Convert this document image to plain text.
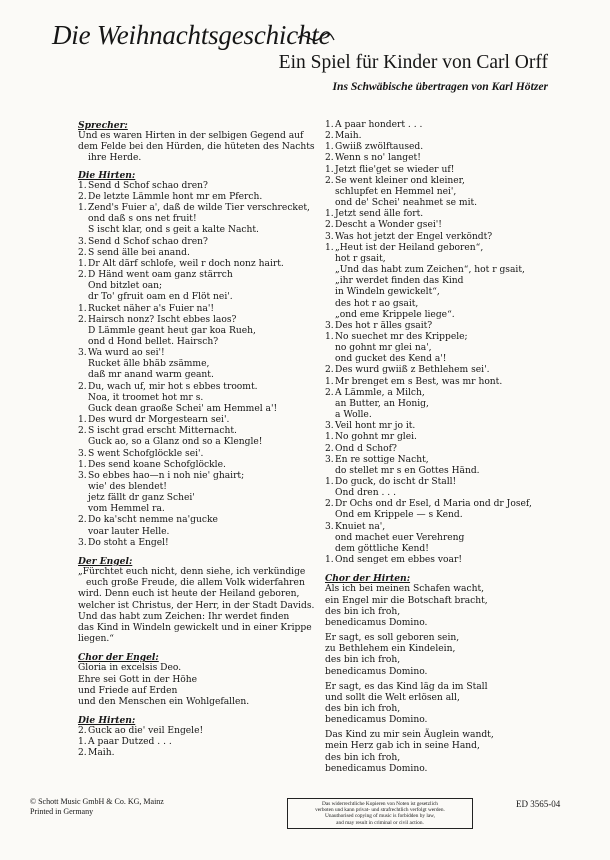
Die Weihnachtsgeschichte
Ein Spiel für Kinder von Carl Orff
Ins Schwäbische übertragen von Karl Hötzer
Sprecher:
Und es waren Hirten in der selbigen Gegend auf
dem Felde bei den Hürden, die hüteten des Nachts
ihre Herde.
Die Hirten:
1. Send d Schof schao dren?
2. De letzte Lämmle hont mr em Pferch.
1. Zend's Fuier a', daß de wilde Tier verschrecket,
ond daß s ons net fruit!
S ischt klar, ond s geit a kalte Nacht.
3. Send d Schof schao dren?
2. S send älle bei anand.
1. Dr Alt därf schlofe, weil r doch nonz hairt.
2. D Händ went oam ganz stärrch
Ond bitzlet oan;
dr To' gfruit oam en d Flöt nei'.
1. Rucket näher a's Fuier na'!
2. Hairsch nonz? Ischt ebbes laos?
D Lämmle geant heut gar koa Rueh,
ond d Hond bellet. Hairsch?
3. Wa wurd ao sei'!
Rucket älle bhäb zsämme,
daß mr anand warm geant.
2. Du, wach uf, mir hot s ebbes troomt.
Noa, it troomet hot mr s.
Guck dean graoße Schei' am Hemmel a'!
1. Des wurd dr Morgestearn sei'.
2. S ischt grad erscht Mitternacht.
Guck ao, so a Glanz ond so a Klengle!
3. S went Schofglöckle sei'.
1. Des send koane Schofglöckle.
3. So ebbes hao—n i noh nie' ghairt;
wie' des blendet!
jetz fällt dr ganz Schei'
vom Hemmel ra.
2. Do ka'scht nemme na'gucke
voar lauter Helle.
3. Do stoht a Engel!
Der Engel:
„Fürchtet euch nicht, denn siehe, ich verkündige
euch große Freude, die allem Volk widerfahren
wird. Denn euch ist heute der Heiland geboren,
welcher ist Christus, der Herr, in der Stadt Davids.
Und das habt zum Zeichen: Ihr werdet finden
das Kind in Windeln gewickelt und in einer Krippe
liegen.“
Chor der Engel:
Gloria in excelsis Deo.
Ehre sei Gott in der Höhe
und Friede auf Erden
und den Menschen ein Wohlgefallen.
Die Hirten:
2. Guck ao die' veil Engele!
1. A paar Dutzed . . .
2. Maih.
1. A paar hondert . . .
2. Maih.
1. Gwiiß zwölftaused.
2. Wenn s no' langet!
1. Jetzt flie'get se wieder uf!
2. Se went kleiner ond kleiner,
schlupfet en Hemmel nei',
ond de' Schei' neahmet se mit.
1. Jetzt send älle fort.
2. Descht a Wonder gsei'!
3. Was hot jetzt der Engel verköndt?
1. „Heut ist der Heiland geboren“,
hot r gsait,
„Und das habt zum Zeichen“, hot r gsait,
„ihr werdet finden das Kind
in Windeln gewickelt“,
des hot r ao gsait,
„ond eme Krippele liege“.
3. Des hot r älles gsait?
1. No suechet mr des Krippele;
no gohnt mr glei na',
ond gucket des Kend a'!
2. Des wurd gwiiß z Bethlehem sei'.
1. Mr brenget em s Best, was mr hont.
2. A Lämmle, a Milch,
an Butter, an Honig,
a Wolle.
3. Veil hont mr jo it.
1. No gohnt mr glei.
2. Ond d Schof?
3. En re sottige Nacht,
do stellet mr s en Gottes Händ.
1. Do guck, do ischt dr Stall!
Ond dren . . .
2. Dr Ochs ond dr Esel, d Maria ond dr Josef,
Ond em Krippele — s Kend.
3. Knuiet na',
ond machet euer Verehreng
dem göttliche Kend!
1. Ond senget em ebbes voar!
Chor der Hirten:
Als ich bei meinen Schafen wacht,
ein Engel mir die Botschaft bracht,
des bin ich froh,
benedicamus Domino.
Er sagt, es soll geboren sein,
zu Bethlehem ein Kindelein,
des bin ich froh,
benedicamus Domino.
Er sagt, es das Kind läg da im Stall
und sollt die Welt erlösen all,
des bin ich froh,
benedicamus Domino.
Das Kind zu mir sein Äuglein wandt,
mein Herz gab ich in seine Hand,
des bin ich froh,
benedicamus Domino.
© Schott Music GmbH & Co. KG, Mainz
Printed in Germany
Das widerrechtliche Kopieren von Noten ist gesetzlich
verboten und kann privat- und strafrechtlich verfolgt werden.
Unauthorised copying of music is forbidden by law,
and may result in criminal or civil action.
ED 3565-04
